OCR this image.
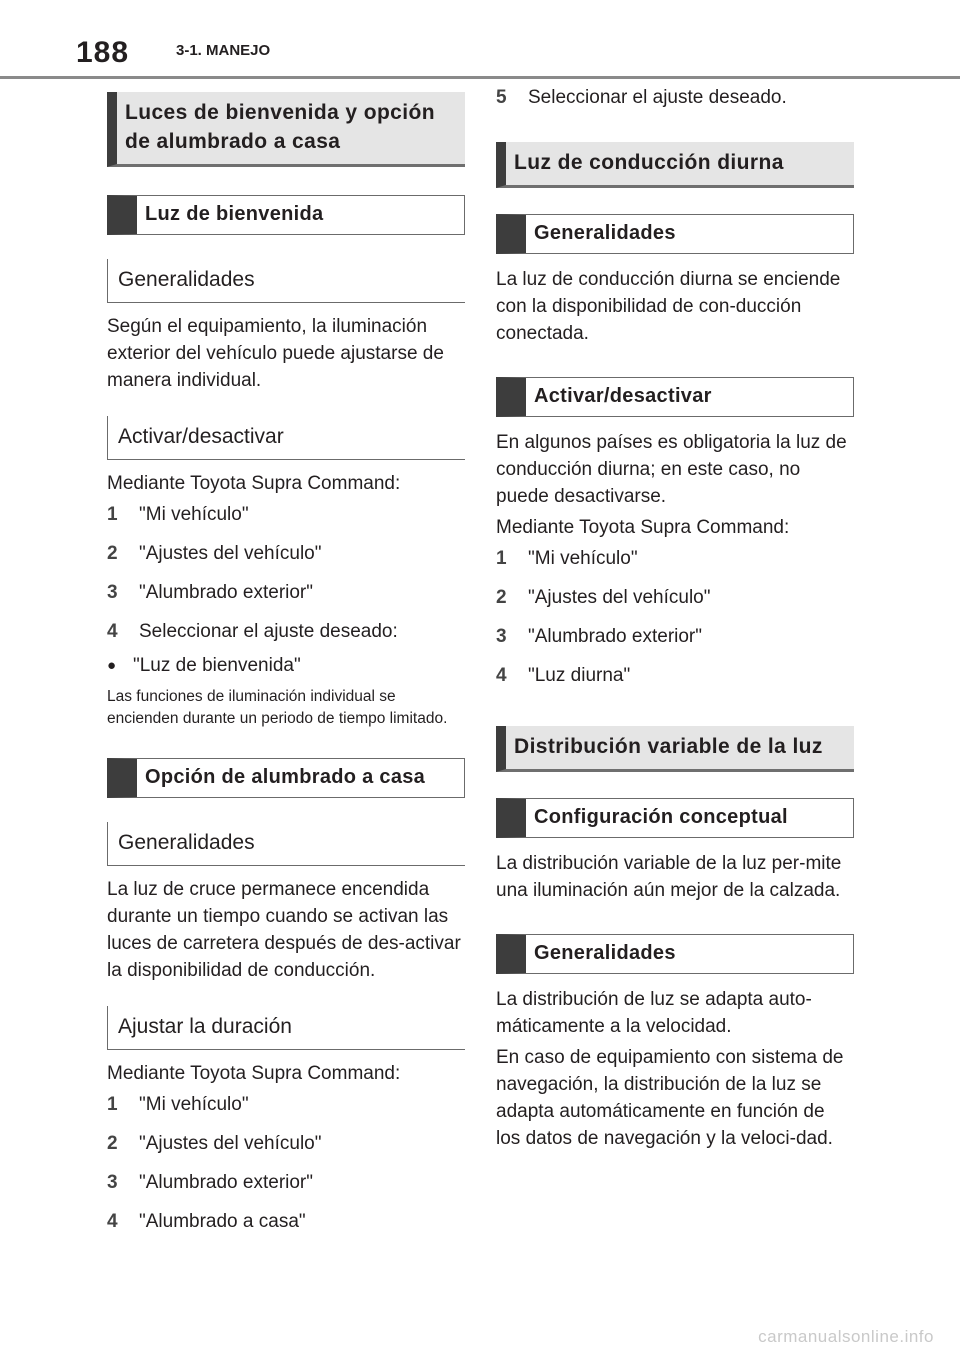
188	3-1. MANEJO
Luces de bienvenida y opción de alumbrado a casa
Luz de bienvenida
Generalidades

Según el equipamiento, la iluminación exterior del vehículo puede ajustarse de manera individual.

Activar/desactivar

Mediante Toyota Supra Command:

1	"Mi vehículo"
2	"Ajustes del vehículo"
3	"Alumbrado exterior"
4	Seleccionar el ajuste deseado:
● "Luz de bienvenida"

Las funciones de iluminación individual se encienden durante un periodo de tiempo limitado.

Opción de alumbrado a casa
Generalidades

La luz de cruce permanece encendida durante un tiempo cuando se activan las luces de carretera después de des-activar la disponibilidad de conducción.

Ajustar la duración

Mediante Toyota Supra Command:

1	"Mi vehículo"
2	"Ajustes del vehículo"
3	"Alumbrado exterior"
4	"Alumbrado a casa"
5	Seleccionar el ajuste deseado.
Luz de conducción diurna
Generalidades

La luz de conducción diurna se enciende con la disponibilidad de con-ducción conectada.

Activar/desactivar

En algunos países es obligatoria la luz de conducción diurna; en este caso, no puede desactivarse.

Mediante Toyota Supra Command:

1	"Mi vehículo"
2	"Ajustes del vehículo"
3	"Alumbrado exterior"
4	"Luz diurna"
Distribución variable de la luz
Configuración conceptual

La distribución variable de la luz per-mite una iluminación aún mejor de la calzada.

Generalidades

La distribución de luz se adapta auto-máticamente a la velocidad.

En caso de equipamiento con sistema de navegación, la distribución de la luz se adapta automáticamente en función de los datos de navegación y la veloci-dad.

carmanualsonline.info
